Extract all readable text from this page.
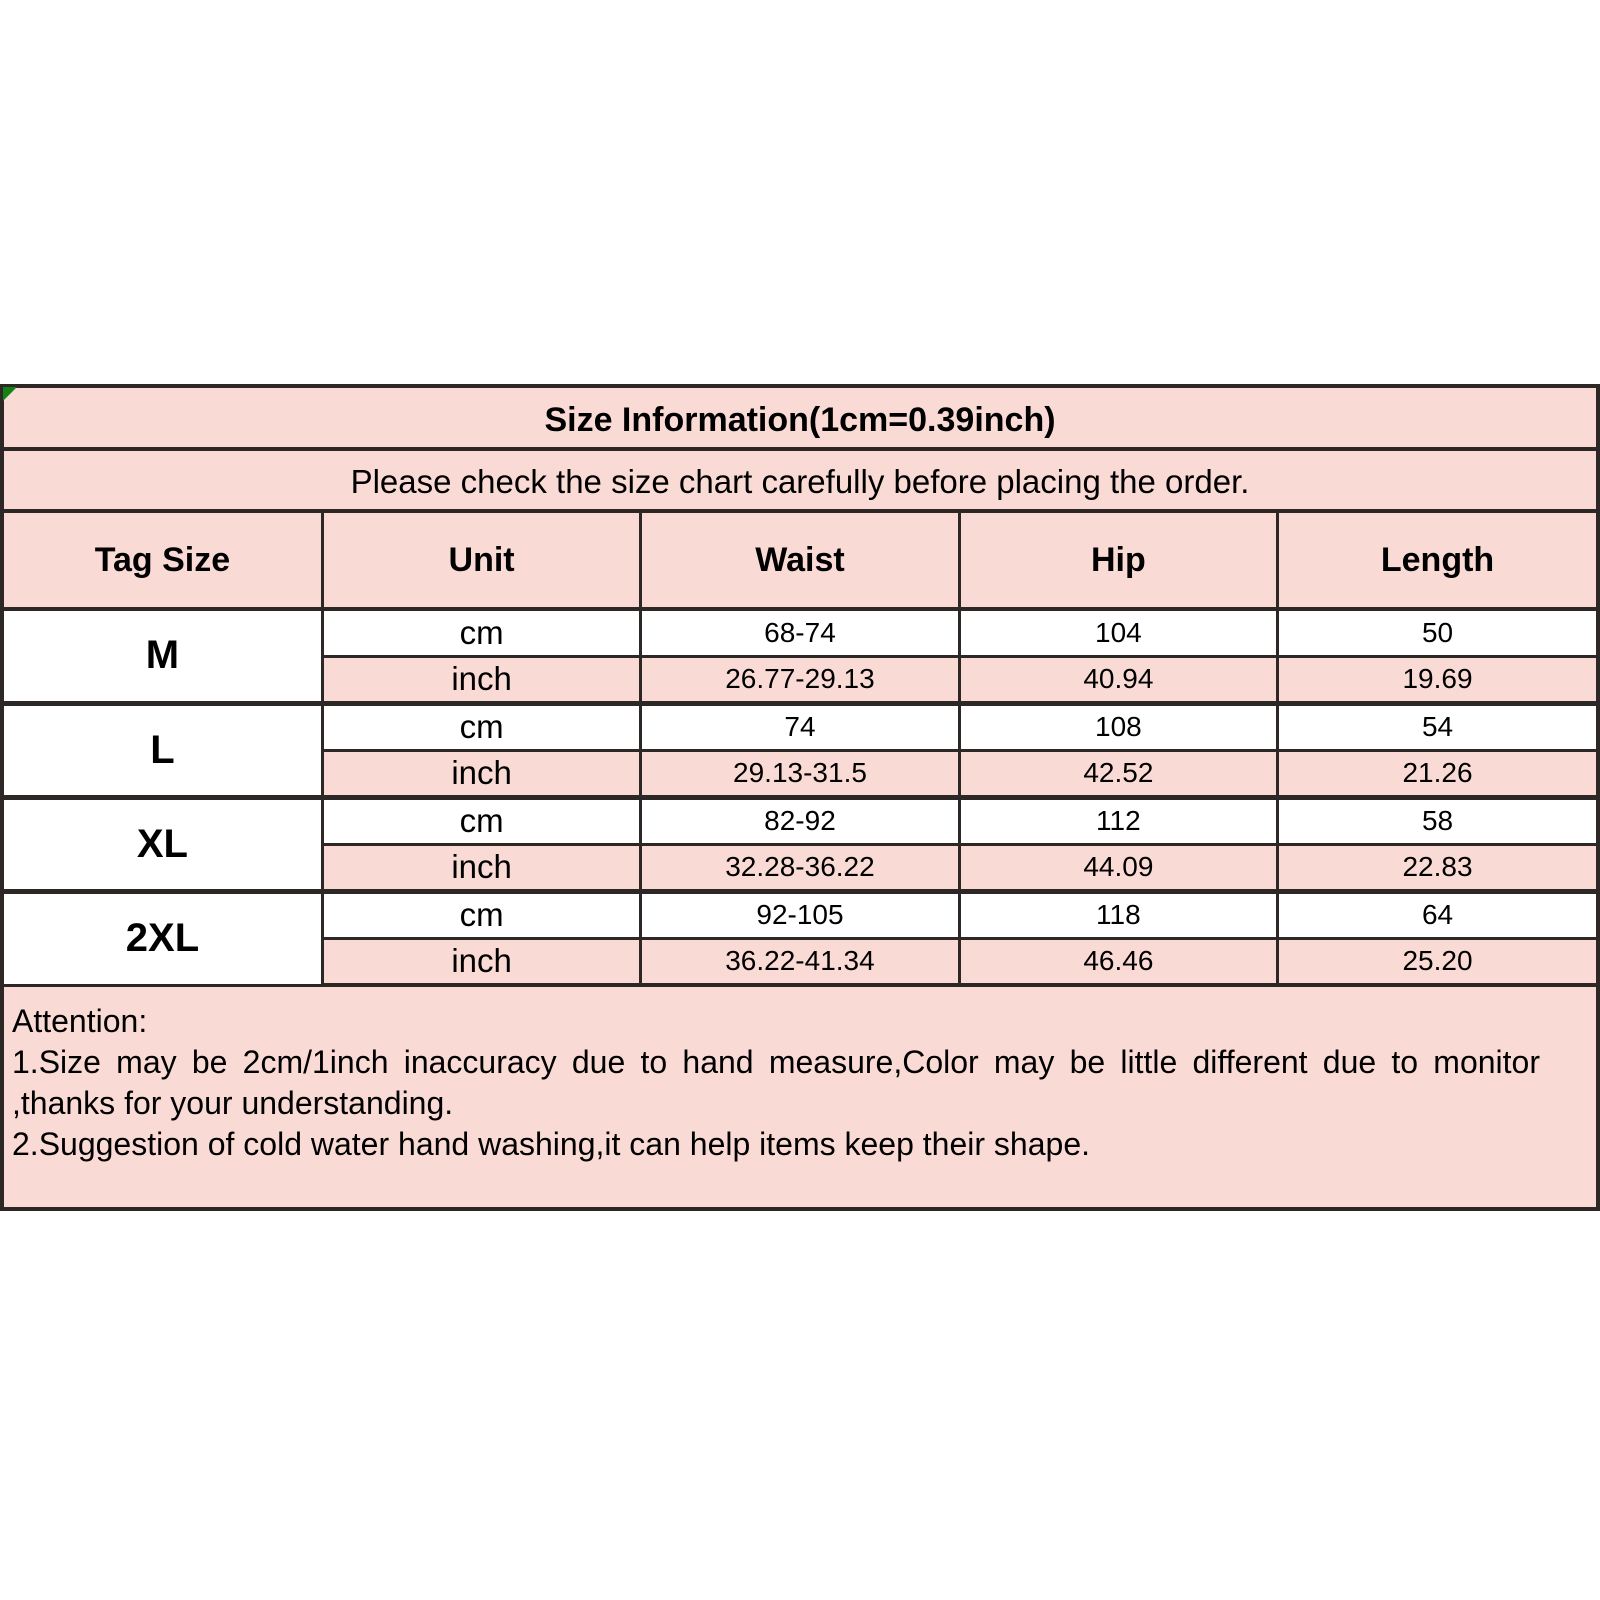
Size Information(1cm=0.39inch)
Please check the size chart carefully before placing the order.
Tag Size	Unit	Waist	Hip	Length
M	cm	68-74	104	50
	inch	26.77-29.13	40.94	19.69
L	cm	74	108	54
	inch	29.13-31.5	42.52	21.26
XL	cm	82-92	112	58
	inch	32.28-36.22	44.09	22.83
2XL	cm	92-105	118	64
	inch	36.22-41.34	46.46	25.20
Attention:
1.Size may be 2cm/1inch inaccuracy due to hand measure,Color may be little different due to monitor
,thanks for your understanding.
2.Suggestion of cold water hand washing,it can help items keep their shape.
